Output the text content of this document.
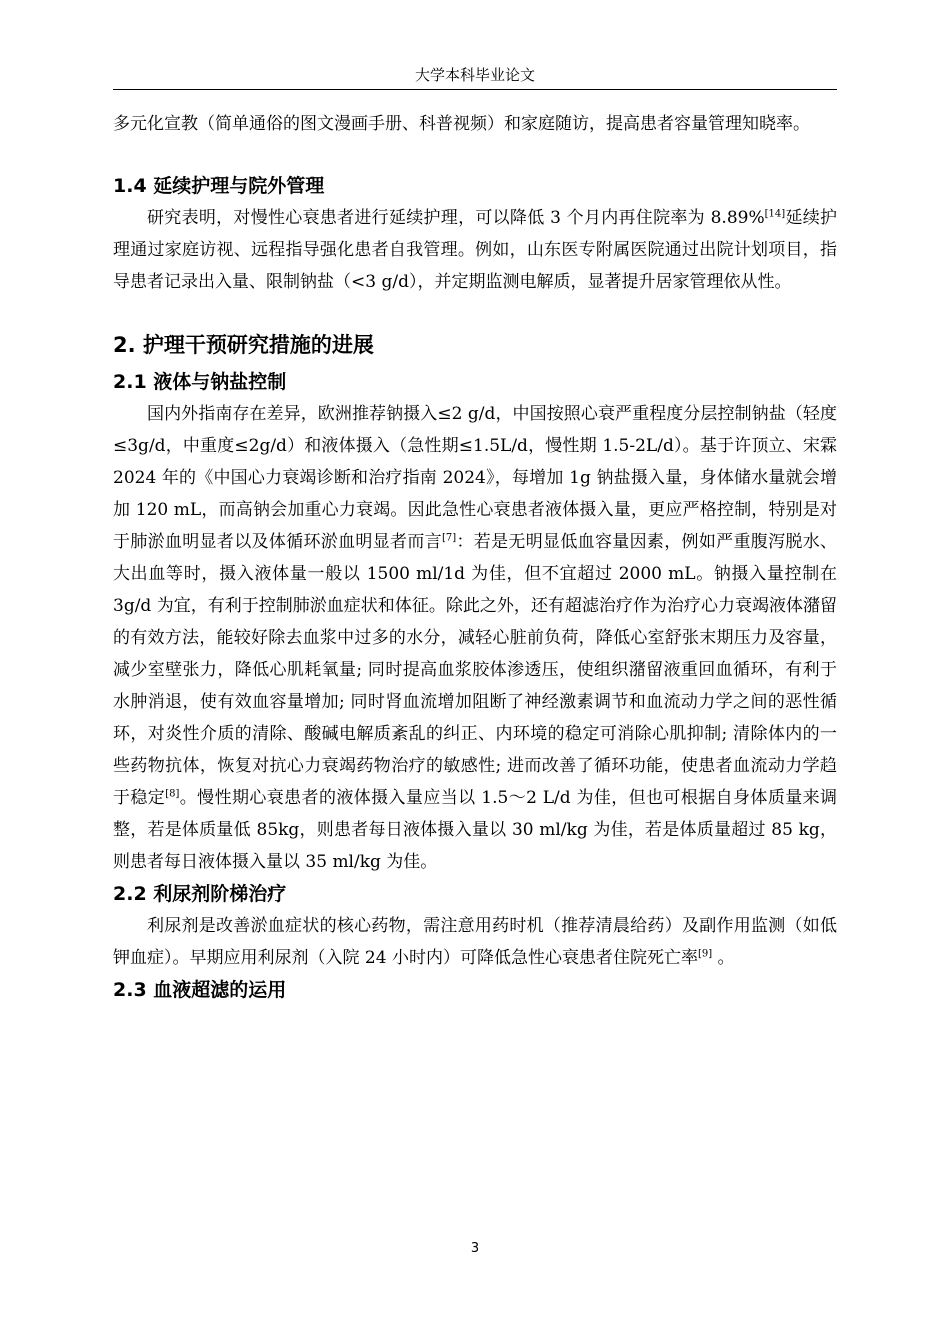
大学本科毕业论文

多元化宣教（简单通俗的图文漫画手册、科普视频）和家庭随访，提高患者容量管理知晓率。

1.4 延续护理与院外管理

研究表明，对慢性心衰患者进行延续护理，可以降低 3 个月内再住院率为 8.89%[14]延续护理通过家庭访视、远程指导强化患者自我管理。例如，山东医专附属医院通过出院计划项目，指导患者记录出入量、限制钠盐（<3 g/d），并定期监测电解质，显著提升居家管理依从性。

2. 护理干预研究措施的进展
2.1 液体与钠盐控制

国内外指南存在差异，欧洲推荐钠摄入≤2 g/d，中国按照心衰严重程度分层控制钠盐（轻度≤3g/d，中重度≤2g/d）和液体摄入（急性期≤1.5L/d，慢性期 1.5-2L/d）。基于许顶立、宋霖 2024 年的《中国心力衰竭诊断和治疗指南 2024》，每增加 1g 钠盐摄入量，身体储水量就会增加 120 mL，而高钠会加重心力衰竭。因此急性心衰患者液体摄入量，更应严格控制，特别是对于肺淤血明显者以及体循环淤血明显者而言[7]：若是无明显低血容量因素，例如严重腹泻脱水、大出血等时，摄入液体量一般以 1500 ml/1d 为佳，但不宜超过 2000 mL。钠摄入量控制在 3g/d 为宜，有利于控制肺淤血症状和体征。除此之外，还有超滤治疗作为治疗心力衰竭液体潴留的有效方法，能较好除去血浆中过多的水分，减轻心脏前负荷，降低心室舒张末期压力及容量，减少室壁张力，降低心肌耗氧量; 同时提高血浆胶体渗透压，使组织潴留液重回血循环，有利于水肿消退，使有效血容量增加; 同时肾血流增加阻断了神经激素调节和血流动力学之间的恶性循环，对炎性介质的清除、酸碱电解质紊乱的纠正、内环境的稳定可消除心肌抑制; 清除体内的一些药物抗体，恢复对抗心力衰竭药物治疗的敏感性; 进而改善了循环功能，使患者血流动力学趋于稳定[8]。慢性期心衰患者的液体摄入量应当以 1.5～2 L/d 为佳，但也可根据自身体质量来调整，若是体质量低 85kg，则患者每日液体摄入量以 30 ml/kg 为佳，若是体质量超过 85 kg，则患者每日液体摄入量以 35 ml/kg 为佳。

2.2 利尿剂阶梯治疗

利尿剂是改善淤血症状的核心药物，需注意用药时机（推荐清晨给药）及副作用监测（如低钾血症）。早期应用利尿剂（入院 24 小时内）可降低急性心衰患者住院死亡率[9] 。

2.3 血液超滤的运用
3
